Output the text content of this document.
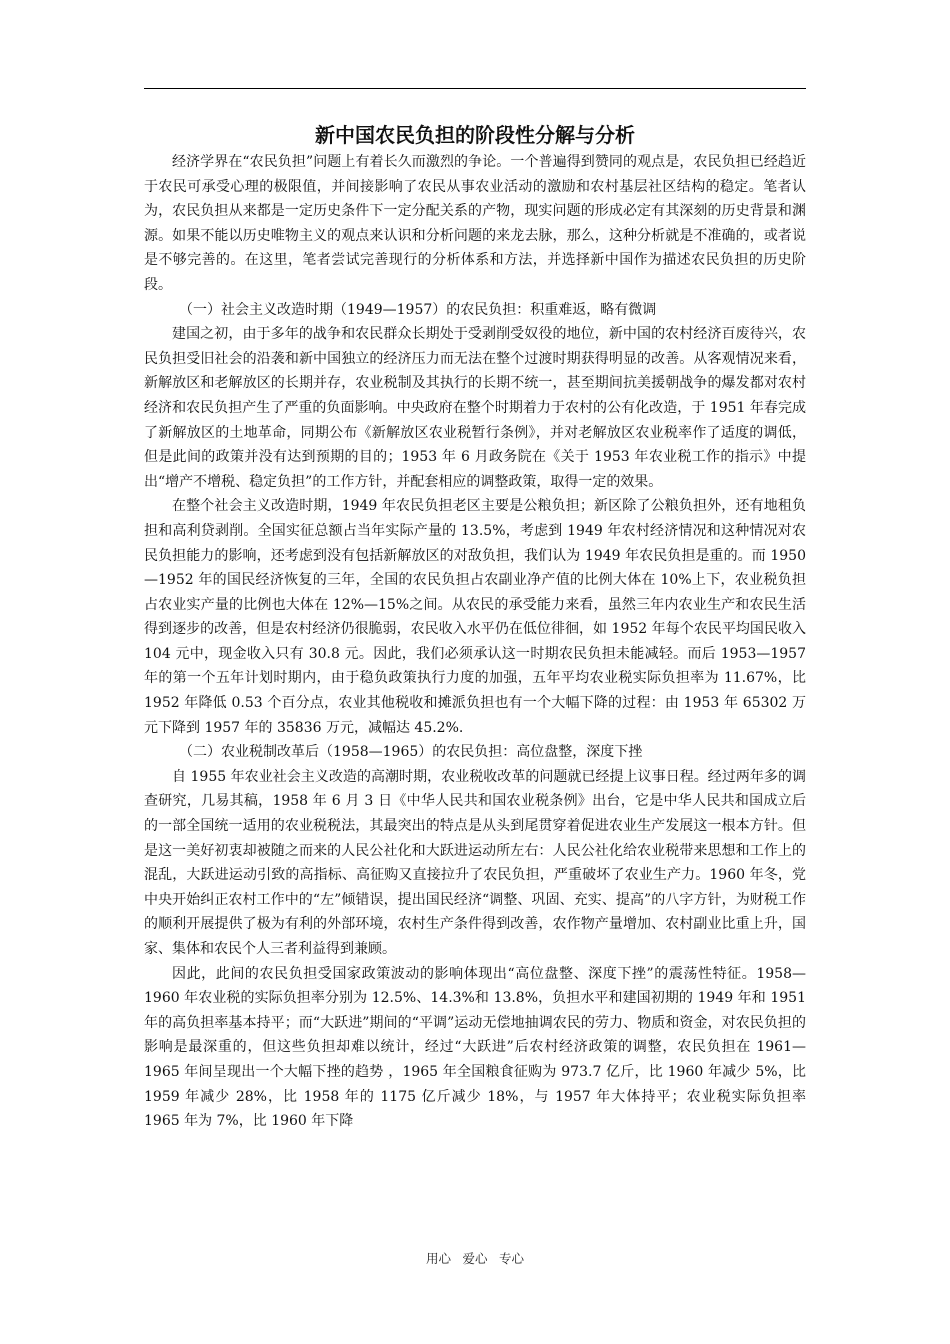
新中国农民负担的阶段性分解与分析

经济学界在“农民负担”问题上有着长久而激烈的争论。一个普遍得到赞同的观点是，农民负担已经趋近于农民可承受心理的极限值，并间接影响了农民从事农业活动的激励和农村基层社区结构的稳定。笔者认为，农民负担从来都是一定历史条件下一定分配关系的产物，现实问题的形成必定有其深刻的历史背景和渊源。如果不能以历史唯物主义的观点来认识和分析问题的来龙去脉，那么，这种分析就是不准确的，或者说是不够完善的。在这里，笔者尝试完善现行的分析体系和方法，并选择新中国作为描述农民负担的历史阶段。

（一）社会主义改造时期（1949—1957）的农民负担：积重难返，略有微调

建国之初，由于多年的战争和农民群众长期处于受剥削受奴役的地位，新中国的农村经济百废待兴，农民负担受旧社会的沿袭和新中国独立的经济压力而无法在整个过渡时期获得明显的改善。从客观情况来看，新解放区和老解放区的长期并存，农业税制及其执行的长期不统一，甚至期间抗美援朝战争的爆发都对农村经济和农民负担产生了严重的负面影响。中央政府在整个时期着力于农村的公有化改造，于 1951 年春完成了新解放区的土地革命，同期公布《新解放区农业税暂行条例》，并对老解放区农业税率作了适度的调低，但是此间的政策并没有达到预期的目的；1953 年 6 月政务院在《关于 1953 年农业税工作的指示》中提出“增产不增税、稳定负担”的工作方针，并配套相应的调整政策，取得一定的效果。

在整个社会主义改造时期，1949 年农民负担老区主要是公粮负担；新区除了公粮负担外，还有地租负担和高利贷剥削。全国实征总额占当年实际产量的 13.5%，考虑到 1949 年农村经济情况和这种情况对农民负担能力的影响，还考虑到没有包括新解放区的对敌负担，我们认为 1949 年农民负担是重的。而 1950—1952 年的国民经济恢复的三年，全国的农民负担占农副业净产值的比例大体在 10%上下，农业税负担占农业实产量的比例也大体在 12%—15%之间。从农民的承受能力来看，虽然三年内农业生产和农民生活得到逐步的改善，但是农村经济仍很脆弱，农民收入水平仍在低位徘徊，如 1952 年每个农民平均国民收入 104 元中，现金收入只有 30.8 元。因此，我们必须承认这一时期农民负担未能减轻。而后 1953—1957 年的第一个五年计划时期内，由于稳负政策执行力度的加强，五年平均农业税实际负担率为 11.67%，比 1952 年降低 0.53 个百分点，农业其他税收和摊派负担也有一个大幅下降的过程：由 1953 年 65302 万元下降到 1957 年的 35836 万元，减幅达 45.2%.

（二）农业税制改革后（1958—1965）的农民负担：高位盘整，深度下挫

自 1955 年农业社会主义改造的高潮时期，农业税收改革的问题就已经提上议事日程。经过两年多的调查研究，几易其稿，1958 年 6 月 3 日《中华人民共和国农业税条例》出台，它是中华人民共和国成立后的一部全国统一适用的农业税税法，其最突出的特点是从头到尾贯穿着促进农业生产发展这一根本方针。但是这一美好初衷却被随之而来的人民公社化和大跃进运动所左右：人民公社化给农业税带来思想和工作上的混乱，大跃进运动引致的高指标、高征购又直接拉升了农民负担，严重破坏了农业生产力。1960 年冬，党中央开始纠正农村工作中的“左”倾错误，提出国民经济“调整、巩固、充实、提高”的八字方针，为财税工作的顺利开展提供了极为有利的外部环境，农村生产条件得到改善，农作物产量增加、农村副业比重上升，国家、集体和农民个人三者利益得到兼顾。

因此，此间的农民负担受国家政策波动的影响体现出“高位盘整、深度下挫”的震荡性特征。1958—1960 年农业税的实际负担率分别为 12.5%、14.3%和 13.8%，负担水平和建国初期的 1949 年和 1951 年的高负担率基本持平；而“大跃进”期间的“平调”运动无偿地抽调农民的劳力、物质和资金，对农民负担的影响是最深重的，但这些负担却难以统计，经过“大跃进”后农村经济政策的调整，农民负担在 1961—1965 年间呈现出一个大幅下挫的趋势 ，1965 年全国粮食征购为 973.7 亿斤，比 1960 年减少 5%，比 1959 年减少 28%，比 1958 年的 1175 亿斤减少 18%，与 1957 年大体持平；农业税实际负担率 1965 年为 7%，比 1960 年下降

用心 爱心 专心
